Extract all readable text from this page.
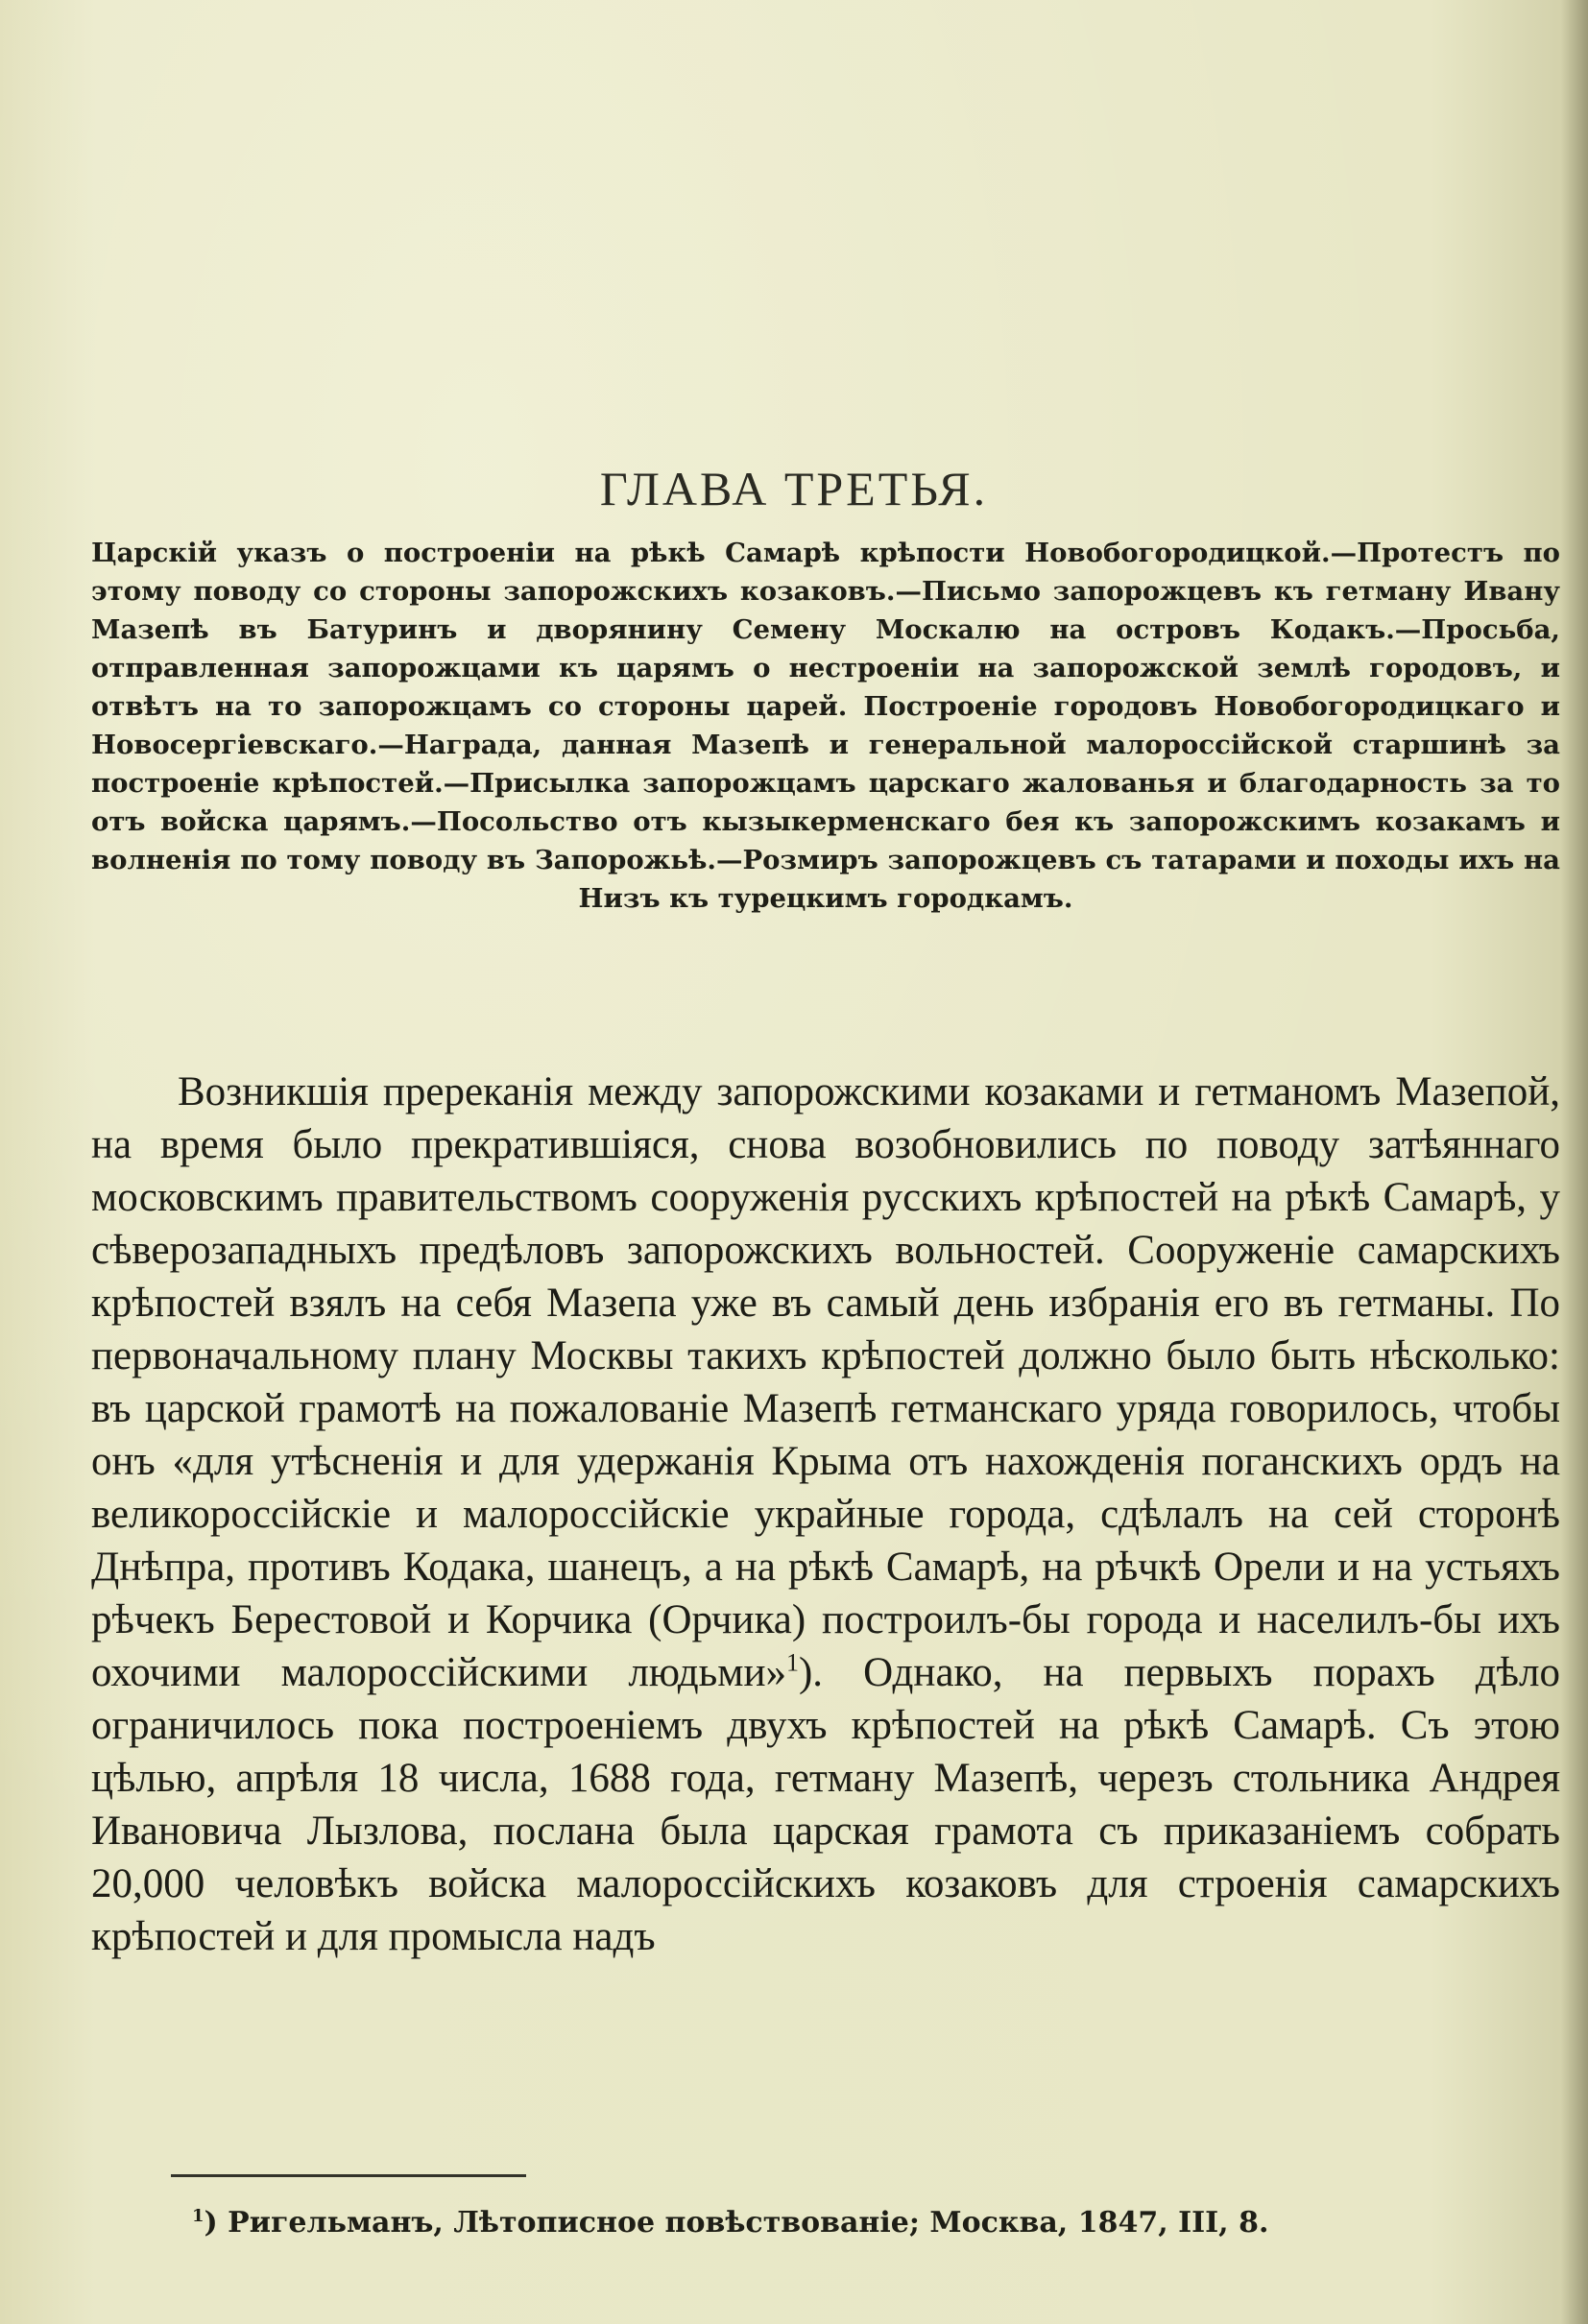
ГЛАВА ТРЕТЬЯ.
Царскій указъ о построеніи на рѣкѣ Самарѣ крѣпости Новобогородицкой.—Протестъ по этому поводу со стороны запорожскихъ козаковъ.—Письмо запорожцевъ къ гетману Ивану Мазепѣ въ Батуринъ и дворянину Семену Москалю на островъ Кодакъ.—Просьба, отправленная запорожцами къ царямъ о нестроеніи на запорожской землѣ городовъ, и отвѣтъ на то запорожцамъ со стороны царей. Построеніе городовъ Новобогородицкаго и Новосергіевскаго.—Награда, данная Мазепѣ и генеральной малороссійской старшинѣ за построеніе крѣпостей.—Присылка запорожцамъ царскаго жалованья и благодарность за то отъ войска царямъ.—Посольство отъ кызыкерменскаго бея къ запорожскимъ козакамъ и волненія по тому поводу въ Запорожьѣ.—Розмиръ запорожцевъ съ татарами и походы ихъ на Низъ къ турецкимъ городкамъ.
Возникшія пререканія между запорожскими козаками и гетманомъ Мазепой, на время было прекратившіяся, снова возобновились по поводу затѣяннаго московскимъ правительствомъ сооруженія русскихъ крѣпостей на рѣкѣ Самарѣ, у сѣверозападныхъ предѣловъ запорожскихъ вольностей. Сооруженіе самарскихъ крѣпостей взялъ на себя Мазепа уже въ самый день избранія его въ гетманы. По первоначальному плану Москвы такихъ крѣпостей должно было быть нѣсколько: въ царской грамотѣ на пожалованіе Мазепѣ гетманскаго уряда говорилось, чтобы онъ «для утѣсненія и для удержанія Крыма отъ нахожденія поганскихъ ордъ на великороссійскіе и малороссійскіе украйные города, сдѣлалъ на сей сторонѣ Днѣпра, противъ Кодака, шанецъ, а на рѣкѣ Самарѣ, на рѣчкѣ Орели и на устьяхъ рѣчекъ Берестовой и Корчика (Орчика) построилъ-бы города и населилъ-бы ихъ охочими малороссійскими людьми»$^1$). Однако, на первыхъ порахъ дѣло ограничилось пока построеніемъ двухъ крѣпостей на рѣкѣ Самарѣ. Съ этою цѣлью, апрѣля 18 числа, 1688 года, гетману Мазепѣ, черезъ стольника Андрея Ивановича Лызлова, послана была царская грамота съ приказаніемъ собрать 20,000 человѣкъ войска малороссійскихъ козаковъ для строенія самарскихъ крѣпостей и для промысла надъ
$^1$) Ригельманъ, Лѣтописное повѣствованіе; Москва, 1847, III, 8.
